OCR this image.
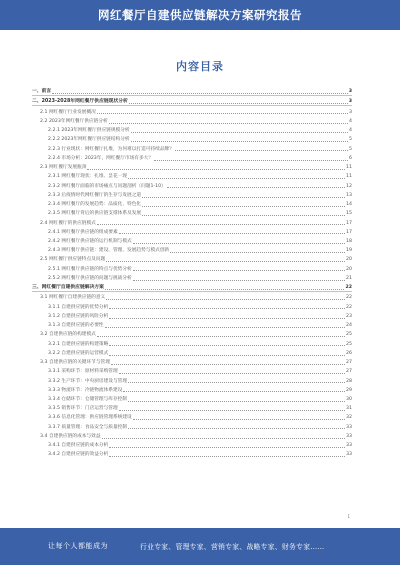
网红餐厅自建供应链解决方案研究报告
内容目录
一、前言	3
二、2023-2028年网红餐厅供应链现状分析	3
2.1 网红餐厅行业发展概况	3
2.2 2023年网红餐厅供应链分析	4
2.2.1 2023年网红餐厅供应链规模分析	4
2.2.2 2023年网红餐厅供应链结构分析	5
2.2.3 行业现状：网红餐厅扎堆，为何难以打造可持续品牌？	5
2.2.4 市场分析：2023年，网红餐厅市场有多大？	6
2.3 网红餐厅发展瓶颈	11
2.3.1 网红餐厅现状：扎堆、昙花一现	11
2.3.2 网红餐厅面临的市场痛点与问题剖析（问题1-10）	12
2.3.3 后疫情时代网红餐厅的生存与发展之道	13
2.3.4 网红餐厅的发展趋势：品质化、特色化	14
2.3.5 网红餐厅背后的供应链支撑体系及发展	15
2.4 网红餐厅的供应链模式	17
2.4.1 网红餐厅供应链的组成要素	17
2.4.2 网红餐厅供应链的运行机制与模式	18
2.4.3 网红餐厅供应链：建设、管理、发展趋势与模式创新	19
2.5 网红餐厅供应链特点及问题	20
2.5.1 网红餐厅供应链的特点与优势分析	20
2.5.2 网红餐厅供应链的问题与挑战分析	21
三、网红餐厅自建供应链解决方案	22
3.1 网红餐厅自建供应链的意义	22
3.1.1 自建供应链的优势分析	22
3.1.2 自建供应链的风险分析	23
3.1.3 自建供应链的必要性	24
3.2 自建供应链的构建模式	25
3.2.1 自建供应链的构建策略	25
3.2.2 自建供应链的运营模式	26
3.3 自建供应链的关键环节与管理	27
3.3.1 采购环节：原材料采购管理	27
3.3.2 生产环节：中央厨房建设与管理	28
3.3.3 物流环节：冷链物流体系建设	29
3.3.4 仓储环节：仓储管理与库存控制	30
3.3.5 销售环节：门店运营与管理	31
3.3.6 信息化管理：供应链管理系统建设	32
3.3.7 质量管理：食品安全与质量控制	33
3.4 自建供应链的成本与效益	33
3.4.1 自建供应链的成本分析	33
3.4.2 自建供应链的效益分析	33
1
让每个人都能成为	行业专家、管理专家、营销专家、战略专家、财务专家……
